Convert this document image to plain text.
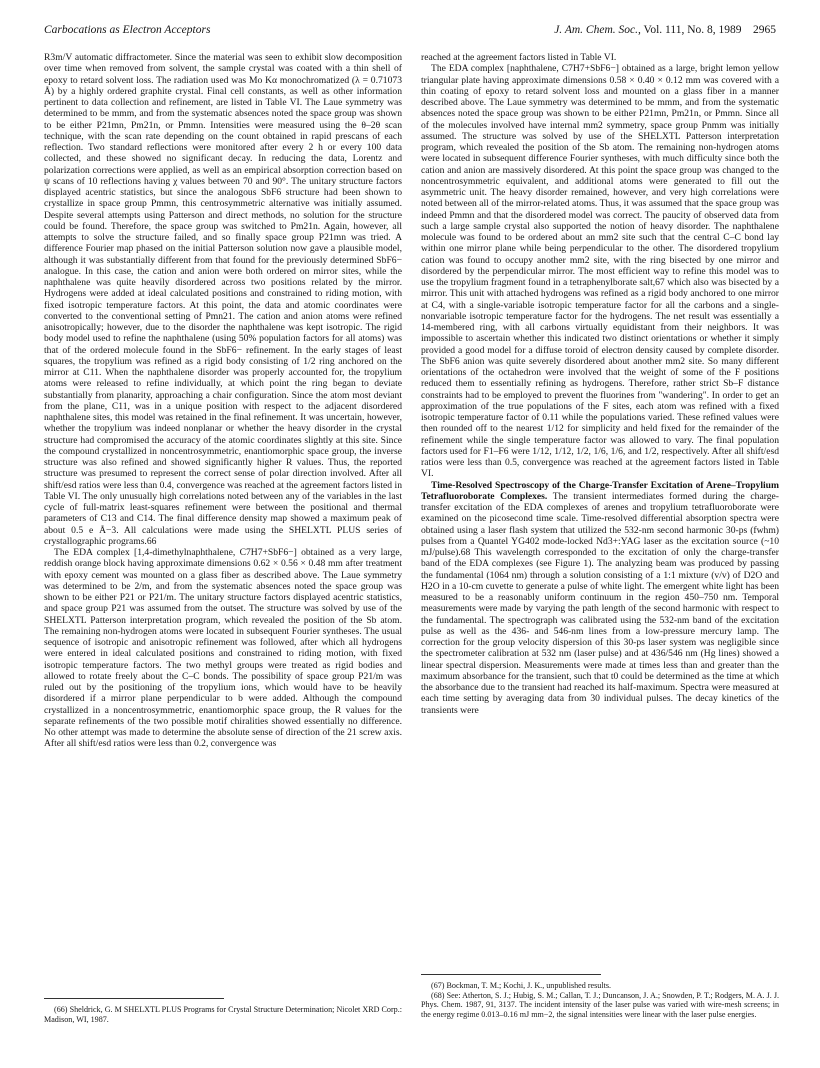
Carbocations as Electron Acceptors	J. Am. Chem. Soc., Vol. 111, No. 8, 1989 2965

R3m/V automatic diffractometer. Since the material was seen to exhibit slow decomposition over time when removed from solvent, the sample crystal was coated with a thin shell of epoxy to retard solvent loss. The radiation used was Mo Kα monochromatized (λ = 0.71073 Å) by a highly ordered graphite crystal. Final cell constants, as well as other information pertinent to data collection and refinement, are listed in Table VI. The Laue symmetry was determined to be mmm, and from the systematic absences noted the space group was shown to be either P21mn, Pm21n, or Pmmn. Intensities were measured using the θ–2θ scan technique, with the scan rate depending on the count obtained in rapid prescans of each reflection. Two standard reflections were monitored after every 2 h or every 100 data collected, and these showed no significant decay. In reducing the data, Lorentz and polarization corrections were applied, as well as an empirical absorption correction based on ψ scans of 10 reflections having χ values between 70 and 90°. The unitary structure factors displayed acentric statistics, but since the analogous SbF6 structure had been shown to crystallize in space group Pmmn, this centrosymmetric alternative was initially assumed. Despite several attempts using Patterson and direct methods, no solution for the structure could be found. Therefore, the space group was switched to Pm21n. Again, however, all attempts to solve the structure failed, and so finally space group P21mn was tried. A difference Fourier map phased on the initial Patterson solution now gave a plausible model, although it was substantially different from that found for the previously determined SbF6− analogue. In this case, the cation and anion were both ordered on mirror sites, while the naphthalene was quite heavily disordered across two positions related by the mirror. Hydrogens were added at ideal calculated positions and constrained to riding motion, with fixed isotropic temperature factors. At this point, the data and atomic coordinates were converted to the conventional setting of Pmn21. The cation and anion atoms were refined anisotropically; however, due to the disorder the naphthalene was kept isotropic. The rigid body model used to refine the naphthalene (using 50% population factors for all atoms) was that of the ordered molecule found in the SbF6− refinement. In the early stages of least squares, the tropylium was refined as a rigid body consisting of 1/2 ring anchored on the mirror at C11. When the naphthalene disorder was properly accounted for, the tropylium atoms were released to refine individually, at which point the ring began to deviate substantially from planarity, approaching a chair configuration. Since the atom most deviant from the plane, C11, was in a unique position with respect to the adjacent disordered naphthalene sites, this model was retained in the final refinement. It was uncertain, however, whether the tropylium was indeed nonplanar or whether the heavy disorder in the crystal structure had compromised the accuracy of the atomic coordinates slightly at this site. Since the compound crystallized in noncentrosymmetric, enantiomorphic space group, the inverse structure was also refined and showed significantly higher R values. Thus, the reported structure was presumed to represent the correct sense of polar direction involved. After all shift/esd ratios were less than 0.4, convergence was reached at the agreement factors listed in Table VI. The only unusually high correlations noted between any of the variables in the last cycle of full-matrix least-squares refinement were between the positional and thermal parameters of C13 and C14. The final difference density map showed a maximum peak of about 0.5 e Å−3. All calculations were made using the SHELXTL PLUS series of crystallographic programs.66

The EDA complex [1,4-dimethylnaphthalene, C7H7+SbF6−] obtained as a very large, reddish orange block having approximate dimensions 0.62 × 0.56 × 0.48 mm after treatment with epoxy cement was mounted on a glass fiber as described above. The Laue symmetry was determined to be 2/m, and from the systematic absences noted the space group was shown to be either P21 or P21/m. The unitary structure factors displayed acentric statistics, and space group P21 was assumed from the outset. The structure was solved by use of the SHELXTL Patterson interpretation program, which revealed the position of the Sb atom. The remaining non-hydrogen atoms were located in subsequent Fourier syntheses. The usual sequence of isotropic and anisotropic refinement was followed, after which all hydrogens were entered in ideal calculated positions and constrained to riding motion, with fixed isotropic temperature factors. The two methyl groups were treated as rigid bodies and allowed to rotate freely about the C–C bonds. The possibility of space group P21/m was ruled out by the positioning of the tropylium ions, which would have to be heavily disordered if a mirror plane perpendicular to b were added. Although the compound crystallized in a noncentrosymmetric, enantiomorphic space group, the R values for the separate refinements of the two possible motif chiralities showed essentially no difference. No other attempt was made to determine the absolute sense of direction of the 21 screw axis. After all shift/esd ratios were less than 0.2, convergence was

reached at the agreement factors listed in Table VI.

The EDA complex [naphthalene, C7H7+SbF6−] obtained as a large, bright lemon yellow triangular plate having approximate dimensions 0.58 × 0.40 × 0.12 mm was covered with a thin coating of epoxy to retard solvent loss and mounted on a glass fiber in a manner described above. The Laue symmetry was determined to be mmm, and from the systematic absences noted the space group was shown to be either P21mn, Pm21n, or Pmmn. Since all of the molecules involved have internal mm2 symmetry, space group Pnmm was initially assumed. The structure was solved by use of the SHELXTL Patterson interpretation program, which revealed the position of the Sb atom. The remaining non-hydrogen atoms were located in subsequent difference Fourier syntheses, with much difficulty since both the cation and anion are massively disordered. At this point the space group was changed to the noncentrosymmetric equivalent, and additional atoms were generated to fill out the asymmetric unit. The heavy disorder remained, however, and very high correlations were noted between all of the mirror-related atoms. Thus, it was assumed that the space group was indeed Pmmn and that the disordered model was correct. The paucity of observed data from such a large sample crystal also supported the notion of heavy disorder. The naphthalene molecule was found to be ordered about an mm2 site such that the central C–C bond lay within one mirror plane while being perpendicular to the other. The disordered tropylium cation was found to occupy another mm2 site, with the ring bisected by one mirror and disordered by the perpendicular mirror. The most efficient way to refine this model was to use the tropylium fragment found in a tetraphenylborate salt,67 which also was bisected by a mirror. This unit with attached hydrogens was refined as a rigid body anchored to one mirror at C4, with a single-variable isotropic temperature factor for all the carbons and a single-nonvariable isotropic temperature factor for the hydrogens. The net result was essentially a 14-membered ring, with all carbons virtually equidistant from their neighbors. It was impossible to ascertain whether this indicated two distinct orientations or whether it simply provided a good model for a diffuse toroid of electron density caused by complete disorder. The SbF6 anion was quite severely disordered about another mm2 site. So many different orientations of the octahedron were involved that the weight of some of the F positions reduced them to essentially refining as hydrogens. Therefore, rather strict Sb–F distance constraints had to be employed to prevent the fluorines from "wandering". In order to get an approximation of the true populations of the F sites, each atom was refined with a fixed isotropic temperature factor of 0.11 while the populations varied. These refined values were then rounded off to the nearest 1/12 for simplicity and held fixed for the remainder of the refinement while the single temperature factor was allowed to vary. The final population factors used for F1–F6 were 1/12, 1/12, 1/2, 1/6, 1/6, and 1/2, respectively. After all shift/esd ratios were less than 0.5, convergence was reached at the agreement factors listed in Table VI.

Time-Resolved Spectroscopy of the Charge-Transfer Excitation of Arene–Tropylium Tetrafluoroborate Complexes. The transient intermediates formed during the charge-transfer excitation of the EDA complexes of arenes and tropylium tetrafluoroborate were examined on the picosecond time scale. Time-resolved differential absorption spectra were obtained using a laser flash system that utilized the 532-nm second harmonic 30-ps (fwhm) pulses from a Quantel YG402 mode-locked Nd3+:YAG laser as the excitation source (~10 mJ/pulse).68 This wavelength corresponded to the excitation of only the charge-transfer band of the EDA complexes (see Figure 1). The analyzing beam was produced by passing the fundamental (1064 nm) through a solution consisting of a 1:1 mixture (v/v) of D2O and H2O in a 10-cm cuvette to generate a pulse of white light. The emergent white light has been measured to be a reasonably uniform continuum in the region 450–750 nm. Temporal measurements were made by varying the path length of the second harmonic with respect to the fundamental. The spectrograph was calibrated using the 532-nm band of the excitation pulse as well as the 436- and 546-nm lines from a low-pressure mercury lamp. The correction for the group velocity dispersion of this 30-ps laser system was negligible since the spectrometer calibration at 532 nm (laser pulse) and at 436/546 nm (Hg lines) showed a linear spectral dispersion. Measurements were made at times less than and greater than the maximum absorbance for the transient, such that t0 could be determined as the time at which the absorbance due to the transient had reached its half-maximum. Spectra were measured at each time setting by averaging data from 30 individual pulses. The decay kinetics of the transients were

(66) Sheldrick, G. M SHELXTL PLUS Programs for Crystal Structure Determination; Nicolet XRD Corp.: Madison, WI, 1987.

(67) Bockman, T. M.; Kochi, J. K., unpublished results.

(68) See: Atherton, S. J.; Hubig, S. M.; Callan, T. J.; Duncanson, J. A.; Snowden, P. T.; Rodgers, M. A. J. J. Phys. Chem. 1987, 91, 3137. The incident intensity of the laser pulse was varied with wire-mesh screens; in the energy regime 0.013–0.16 mJ mm−2, the signal intensities were linear with the laser pulse energies.
